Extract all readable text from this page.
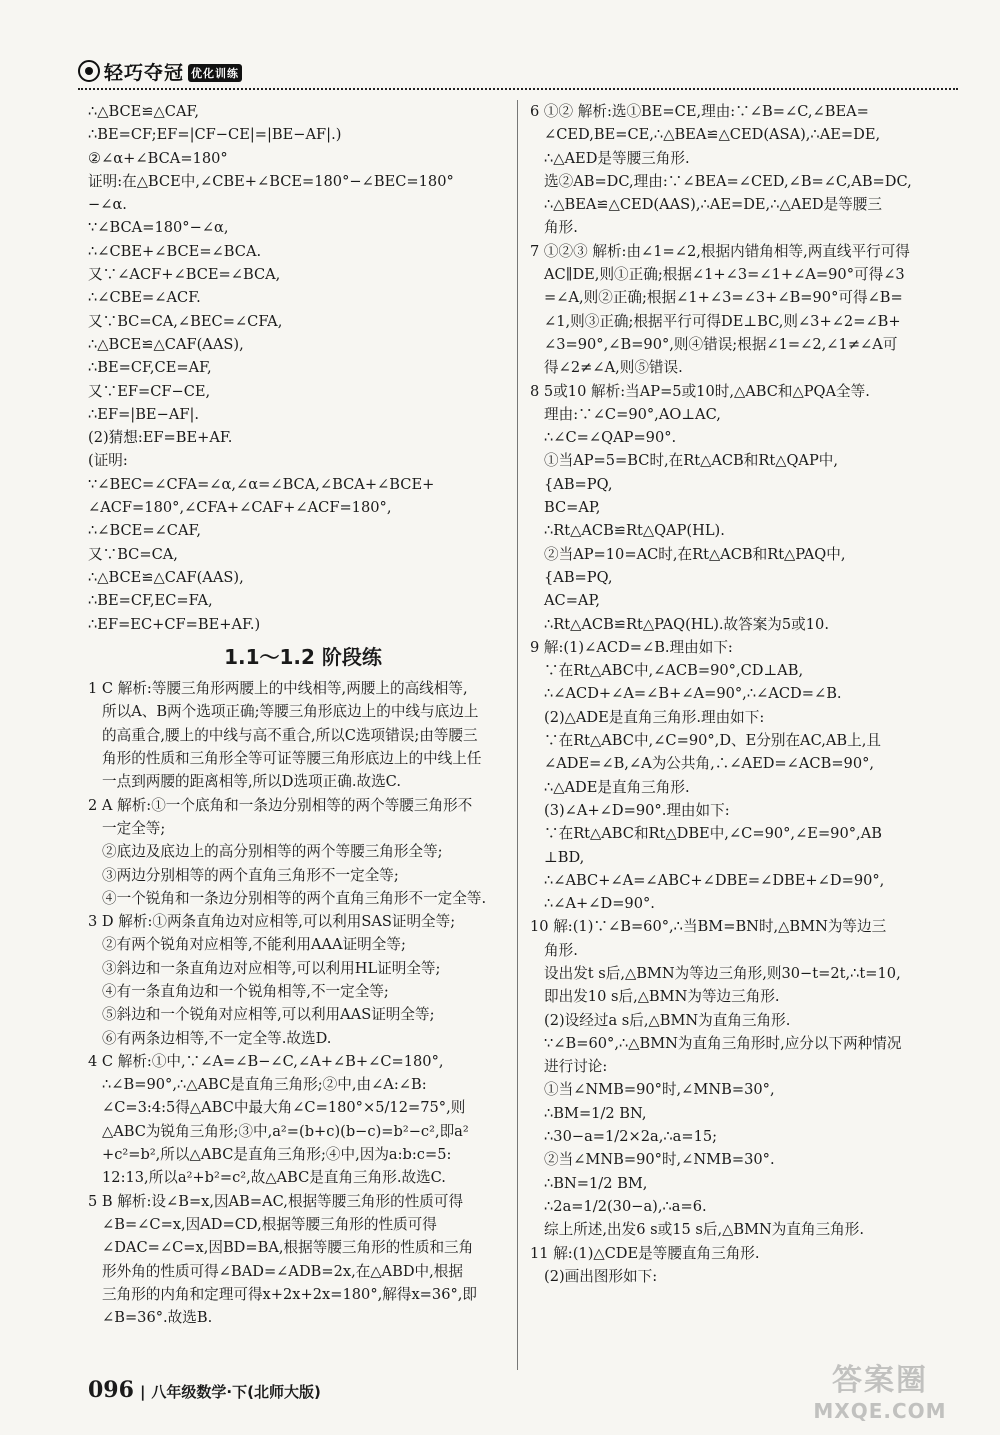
轻巧夺冠 优化训练
∴△BCE≌△CAF,
∴BE=CF;EF=|CF−CE|=|BE−AF|.)
②∠α+∠BCA=180°
证明:在△BCE中,∠CBE+∠BCE=180°−∠BEC=180°
−∠α.
∵∠BCA=180°−∠α,
∴∠CBE+∠BCE=∠BCA.
又∵∠ACF+∠BCE=∠BCA,
∴∠CBE=∠ACF.
又∵BC=CA,∠BEC=∠CFA,
∴△BCE≌△CAF(AAS),
∴BE=CF,CE=AF,
又∵EF=CF−CE,
∴EF=|BE−AF|.
(2)猜想:EF=BE+AF.
(证明:
∵∠BEC=∠CFA=∠α,∠α=∠BCA,∠BCA+∠BCE+
∠ACF=180°,∠CFA+∠CAF+∠ACF=180°,
∴∠BCE=∠CAF,
又∵BC=CA,
∴△BCE≌△CAF(AAS),
∴BE=CF,EC=FA,
∴EF=EC+CF=BE+AF.)
1.1～1.2 阶段练
1 C 解析:等腰三角形两腰上的中线相等,两腰上的高线相等,
所以A、B两个选项正确;等腰三角形底边上的中线与底边上
的高重合,腰上的中线与高不重合,所以C选项错误;由等腰三
角形的性质和三角形全等可证等腰三角形底边上的中线上任
一点到两腰的距离相等,所以D选项正确.故选C.
2 A 解析:①一个底角和一条边分别相等的两个等腰三角形不
一定全等;
②底边及底边上的高分别相等的两个等腰三角形全等;
③两边分别相等的两个直角三角形不一定全等;
④一个锐角和一条边分别相等的两个直角三角形不一定全等.
3 D 解析:①两条直角边对应相等,可以利用SAS证明全等;
②有两个锐角对应相等,不能利用AAA证明全等;
③斜边和一条直角边对应相等,可以利用HL证明全等;
④有一条直角边和一个锐角相等,不一定全等;
⑤斜边和一个锐角对应相等,可以利用AAS证明全等;
⑥有两条边相等,不一定全等.故选D.
4 C 解析:①中,∵∠A=∠B−∠C,∠A+∠B+∠C=180°,
∴∠B=90°,∴△ABC是直角三角形;②中,由∠A:∠B:
∠C=3:4:5得△ABC中最大角∠C=180°×5/12=75°,则
△ABC为锐角三角形;③中,a²=(b+c)(b−c)=b²−c²,即a²
+c²=b²,所以△ABC是直角三角形;④中,因为a:b:c=5:
12:13,所以a²+b²=c²,故△ABC是直角三角形.故选C.
5 B 解析:设∠B=x,因AB=AC,根据等腰三角形的性质可得
∠B=∠C=x,因AD=CD,根据等腰三角形的性质可得
∠DAC=∠C=x,因BD=BA,根据等腰三角形的性质和三角
形外角的性质可得∠BAD=∠ADB=2x,在△ABD中,根据
三角形的内角和定理可得x+2x+2x=180°,解得x=36°,即
∠B=36°.故选B.
6 ①② 解析:选①BE=CE,理由:∵∠B=∠C,∠BEA=
∠CED,BE=CE,∴△BEA≌△CED(ASA),∴AE=DE,
∴△AED是等腰三角形.
选②AB=DC,理由:∵∠BEA=∠CED,∠B=∠C,AB=DC,
∴△BEA≌△CED(AAS),∴AE=DE,∴△AED是等腰三
角形.
7 ①②③ 解析:由∠1=∠2,根据内错角相等,两直线平行可得
AC∥DE,则①正确;根据∠1+∠3=∠1+∠A=90°可得∠3
=∠A,则②正确;根据∠1+∠3=∠3+∠B=90°可得∠B=
∠1,则③正确;根据平行可得DE⊥BC,则∠3+∠2=∠B+
∠3=90°,∠B=90°,则④错误;根据∠1=∠2,∠1≠∠A可
得∠2≠∠A,则⑤错误.
8 5或10 解析:当AP=5或10时,△ABC和△PQA全等.
理由:∵∠C=90°,AO⊥AC,
∴∠C=∠QAP=90°.
①当AP=5=BC时,在Rt△ACB和Rt△QAP中,
{AB=PQ,
BC=AP,
∴Rt△ACB≌Rt△QAP(HL).
②当AP=10=AC时,在Rt△ACB和Rt△PAQ中,
{AB=PQ,
AC=AP,
∴Rt△ACB≌Rt△PAQ(HL).故答案为5或10.
9 解:(1)∠ACD=∠B.理由如下:
∵在Rt△ABC中,∠ACB=90°,CD⊥AB,
∴∠ACD+∠A=∠B+∠A=90°,∴∠ACD=∠B.
(2)△ADE是直角三角形.理由如下:
∵在Rt△ABC中,∠C=90°,D、E分别在AC,AB上,且
∠ADE=∠B,∠A为公共角,∴∠AED=∠ACB=90°,
∴△ADE是直角三角形.
(3)∠A+∠D=90°.理由如下:
∵在Rt△ABC和Rt△DBE中,∠C=90°,∠E=90°,AB
⊥BD,
∴∠ABC+∠A=∠ABC+∠DBE=∠DBE+∠D=90°,
∴∠A+∠D=90°.
10 解:(1)∵∠B=60°,∴当BM=BN时,△BMN为等边三
角形.
设出发t s后,△BMN为等边三角形,则30−t=2t,∴t=10,
即出发10 s后,△BMN为等边三角形.
(2)设经过a s后,△BMN为直角三角形.
∵∠B=60°,∴△BMN为直角三角形时,应分以下两种情况
进行讨论:
①当∠NMB=90°时,∠MNB=30°,
∴BM=1/2 BN,
∴30−a=1/2×2a,∴a=15;
②当∠MNB=90°时,∠NMB=30°.
∴BN=1/2 BM,
∴2a=1/2(30−a),∴a=6.
综上所述,出发6 s或15 s后,△BMN为直角三角形.
11 解:(1)△CDE是等腰直角三角形.
(2)画出图形如下:
096 | 八年级数学·下(北师大版)	答案圈
MXQE.COM
